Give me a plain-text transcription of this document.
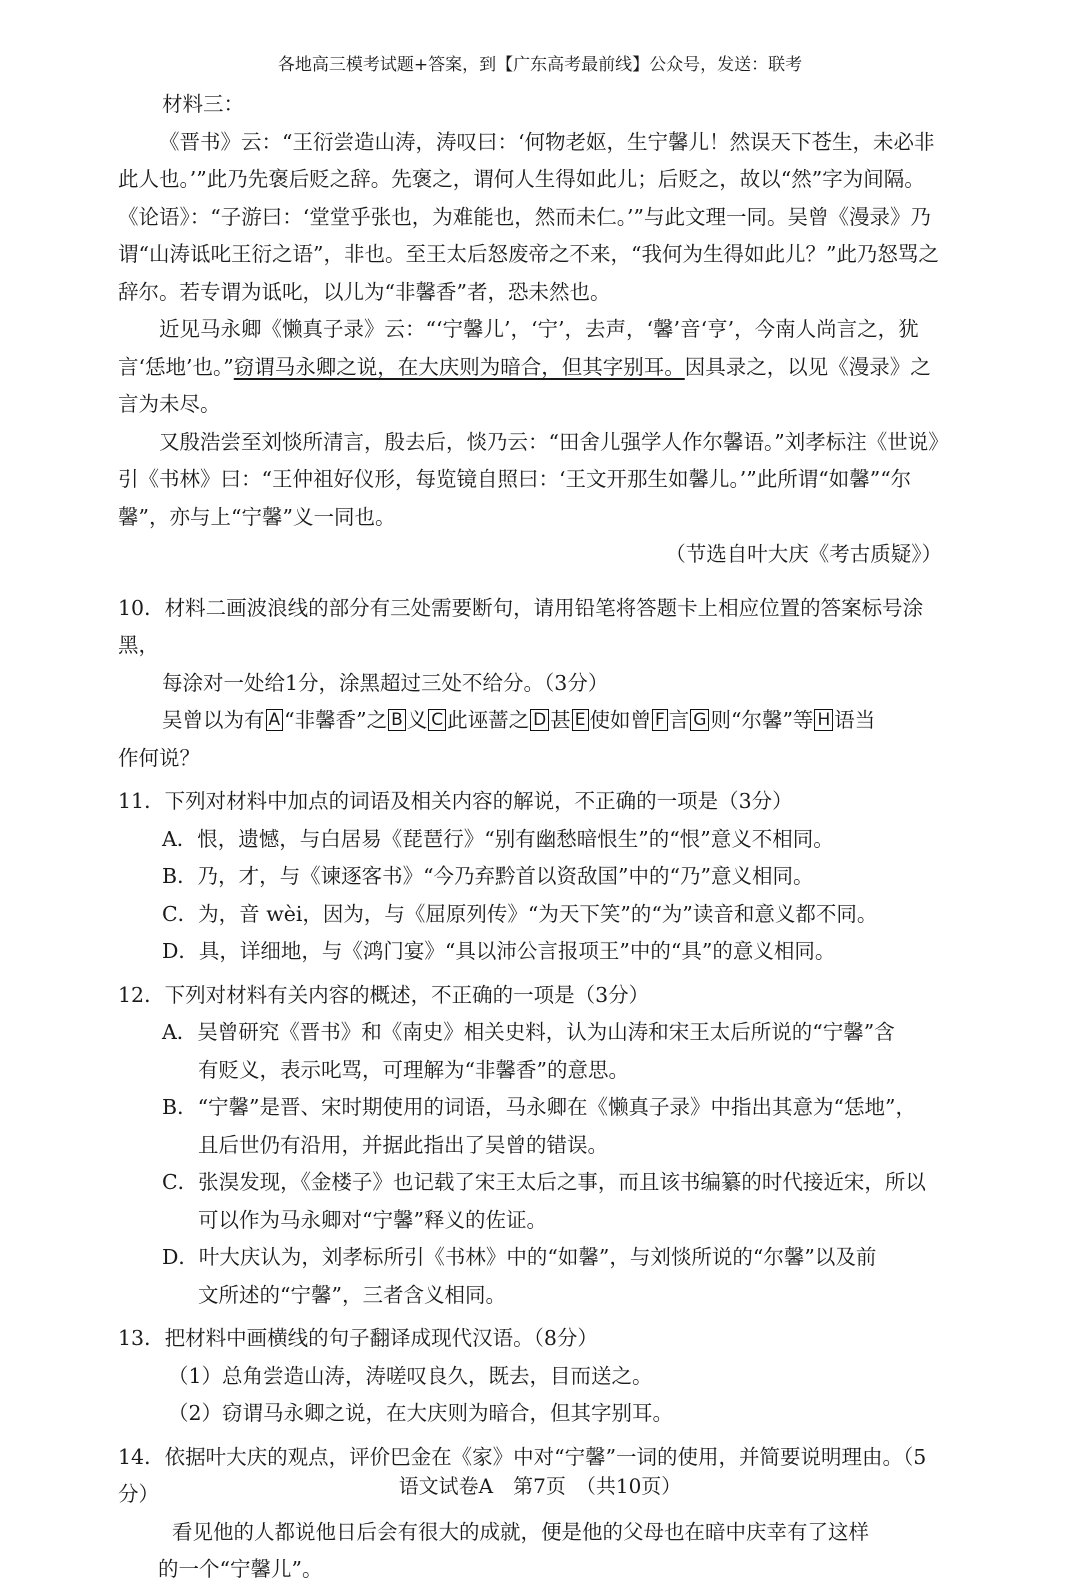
各地高三模考试题+答案，到【广东高考最前线】公众号，发送：联考

材料三：

《晋书》云：“王衍尝造山涛，涛叹曰：‘何物老妪，生宁馨儿！然误天下苍生，未必非此人也。’”此乃先褒后贬之辞。先褒之，谓何人生得如此儿；后贬之，故以“然”字为间隔。《论语》：“子游曰：‘堂堂乎张也，为难能也，然而未仁。’”与此文理一同。吴曾《漫录》乃谓“山涛诋叱王衍之语”，非也。至王太后怒废帝之不来，“我何为生得如此儿？”此乃怒骂之辞尔。若专谓为诋叱，以儿为“非馨香”者，恐未然也。

近见马永卿《懒真子录》云：“‘宁馨儿’，‘宁’，去声，‘馨’音‘亨’，今南人尚言之，犹言‘恁地’也。”窃谓马永卿之说，在大庆则为暗合，但其字别耳。因具录之，以见《漫录》之言为未尽。

又殷浩尝至刘惔所清言，殷去后，惔乃云：“田舍儿强学人作尔馨语。”刘孝标注《世说》引《书林》曰：“王仲祖好仪形，每览镜自照曰：‘王文开那生如馨儿。’”此所谓“如馨”“尔馨”，亦与上“宁馨”义一同也。

（节选自叶大庆《考古质疑》）

10．材料二画波浪线的部分有三处需要断句，请用铅笔将答题卡上相应位置的答案标号涂黑，

每涂对一处给1分，涂黑超过三处不给分。（3分）

吴曾以为有 A “非馨香”之 B 义 C 此诬蔷之 D 甚 E 使如曾 F 言 G 则“尔馨”等 H 语当

作何说？

11．下列对材料中加点的词语及相关内容的解说，不正确的一项是（3分）

A．恨，遗憾，与白居易《琵琶行》“别有幽愁暗恨生”的“恨”意义不相同。

B．乃，才，与《谏逐客书》“今乃弃黔首以资敌国”中的“乃”意义相同。

C．为，音 wèi，因为，与《屈原列传》“为天下笑”的“为”读音和意义都不同。

D．具，详细地，与《鸿门宴》“具以沛公言报项王”中的“具”的意义相同。

12．下列对材料有关内容的概述，不正确的一项是（3分）

A．吴曾研究《晋书》和《南史》相关史料，认为山涛和宋王太后所说的“宁馨”含

有贬义，表示叱骂，可理解为“非馨香”的意思。

B．“宁馨”是晋、宋时期使用的词语，马永卿在《懒真子录》中指出其意为“恁地”，

且后世仍有沿用，并据此指出了吴曾的错误。

C．张淏发现，《金楼子》也记载了宋王太后之事，而且该书编纂的时代接近宋，所以

可以作为马永卿对“宁馨”释义的佐证。

D．叶大庆认为，刘孝标所引《书林》中的“如馨”，与刘惔所说的“尔馨”以及前

文所述的“宁馨”，三者含义相同。

13．把材料中画横线的句子翻译成现代汉语。（8分）

（1）总角尝造山涛，涛嗟叹良久，既去，目而送之。

（2）窃谓马永卿之说，在大庆则为暗合，但其字别耳。

14．依据叶大庆的观点，评价巴金在《家》中对“宁馨”一词的使用，并简要说明理由。（5分）

看见他的人都说他日后会有很大的成就，便是他的父母也在暗中庆幸有了这样

的一个“宁馨儿”。

语文试卷A　第7页　（共10页）
